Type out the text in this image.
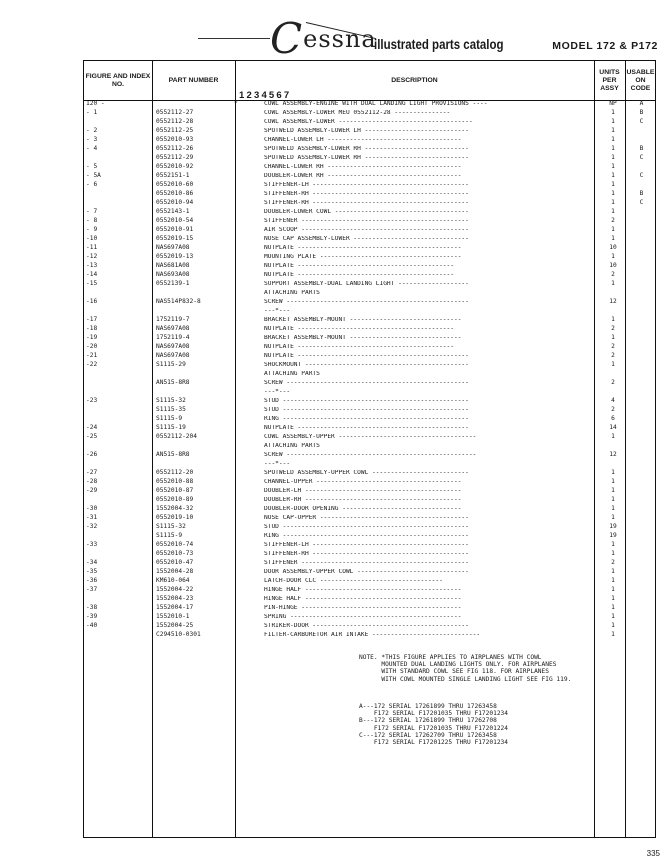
Cessna
illustrated parts catalog	MODEL 172 & P172
FIGURE AND INDEX NO.
PART NUMBER	DESCRIPTION
1234567
UNITS PER ASSY
USABLE ON CODE
120 -	*	COWL ASSEMBLY-ENGINE WITH DUAL LANDING LIGHT PROVISIONS ----	NP	A
- 1	0552112-27	COWL ASSEMBLY-LOWER MEU 0552112-28 ---------------	1	B
0552112-28	COWL ASSEMBLY-LOWER ------------------------------------	1	C
- 2	0552112-25	SPOTWELD ASSEMBLY-LOWER LH ----------------------------	1
- 3	0552010-93	CHANNEL-LOWER LH ------------------------------------	1
- 4	0552112-26	SPOTWELD ASSEMBLY-LOWER RH ----------------------------	1	B
0552112-29	SPOTWELD ASSEMBLY-LOWER RH ----------------------------	1	C
- 5	0552010-92	CHANNEL-LOWER RH ------------------------------------	1
- 5A	0552151-1	DOUBLER-LOWER RH ------------------------------------	1	C
- 6	0552010-60	STIFFENER-LH ------------------------------------------	1
0552010-86	STIFFENER-RH ------------------------------------------	1	B
0552010-94	STIFFENER-RH ------------------------------------------	1	C
- 7	0552143-1	DOUBLER-LOWER COWL ------------------------------------	1
- 8	0552010-54	STIFFENER ---------------------------------------------	2
- 9	0552010-91	AIR SCOOP ---------------------------------------------	1
-10	0552019-15	NOSE CAP ASSEMBLY-LOWER -------------------------------	1
-11	NAS697A08	NUTPLATE --------------------------------------------	10
-12	0552019-13	MOUNTING PLATE --------------------------------------	1
-13	NAS681A08	NUTPLATE ------------------------------------------	10
-14	NAS693A08	NUTPLATE ------------------------------------------	2
-15	0552139-1	SUPPORT ASSEMBLY-DUAL LANDING LIGHT -------------------	1
ATTACHING PARTS
-16	NAS514P832-8	SCREW -------------------------------------------------	12
---*---
-17	1752119-7	BRACKET ASSEMBLY-MOUNT ------------------------------	1
-18	NAS697A08	NUTPLATE ------------------------------------------	2
-19	1752119-4	BRACKET ASSEMBLY-MOUNT ------------------------------	1
-20	NAS697A08	NUTPLATE ------------------------------------------	2
-21	NAS697A08	NUTPLATE ----------------------------------------------	2
-22	S1115-29	SHOCKMOUNT --------------------------------------------	1
ATTACHING PARTS
AN515-8R8	SCREW -------------------------------------------------	2
---*---
-23	S1115-32	STUD --------------------------------------------------	4
S1115-35	STUD --------------------------------------------------	2
S1115-9	RING --------------------------------------------------	6
-24	S1115-19	NUTPLATE ----------------------------------------------	14
-25	0552112-204	COWL ASSEMBLY-UPPER -------------------------------------	1
ATTACHING PARTS
-26	AN515-8R8	SCREW ---------------------------------------------------	12
---*---
-27	0552112-20	SPOTWELD ASSEMBLY-UPPER COWL --------------------------	1
-28	0552010-88	CHANNEL-UPPER ---------------------------------------	1
-29	0552010-87	DOUBLER-LH ------------------------------------------	1
0552010-89	DOUBLER-RH ------------------------------------------	1
-30	1552004-32	DOUBLER-DOOR OPENING --------------------------------	1
-31	0552019-10	NOSE CAP-UPPER ----------------------------------------	1
-32	S1115-32	STUD --------------------------------------------------	19
S1115-9	RING --------------------------------------------------	19
-33	0552010-74	STIFFENER-LH ------------------------------------------	1
0552010-73	STIFFENER-RH ------------------------------------------	1
-34	0552010-47	STIFFENER ---------------------------------------------	2
-35	1552004-28	DOOR ASSEMBLY-UPPER COWL ------------------------------	1
-36	KM610-064	LATCH-DOOR CLC ---------------------------------	1
-37	1552004-22	HINGE HALF ------------------------------------------	1
1552004-23	HINGE HALF ------------------------------------------	1
-38	1552004-17	PIN-HINGE -------------------------------------------	1
-39	1552010-1	SPRING ----------------------------------------------	1
-40	1552004-25	STRIKER-DOOR ------------------------------------------	1
C294510-0301	FILTER-CARBURETOR AIR INTAKE -----------------------------	1
NOTE. *THIS FIGURE APPLIES TO AIRPLANES WITH COWL
MOUNTED DUAL LANDING LIGHTS ONLY. FOR AIRPLANES
WITH STANDARD COWL SEE FIG 118. FOR AIRPLANES
WITH COWL MOUNTED SINGLE LANDING LIGHT SEE FIG 119.
A---172 SERIAL 17261899 THRU 17263458
F172 SERIAL F17201035 THRU F17201234
B---172 SERIAL 17261899 THRU 17262708
F172 SERIAL F17201035 THRU F17201224
C---172 SERIAL 17262709 THRU 17263458
F172 SERIAL F17201225 THRU F17201234
335
